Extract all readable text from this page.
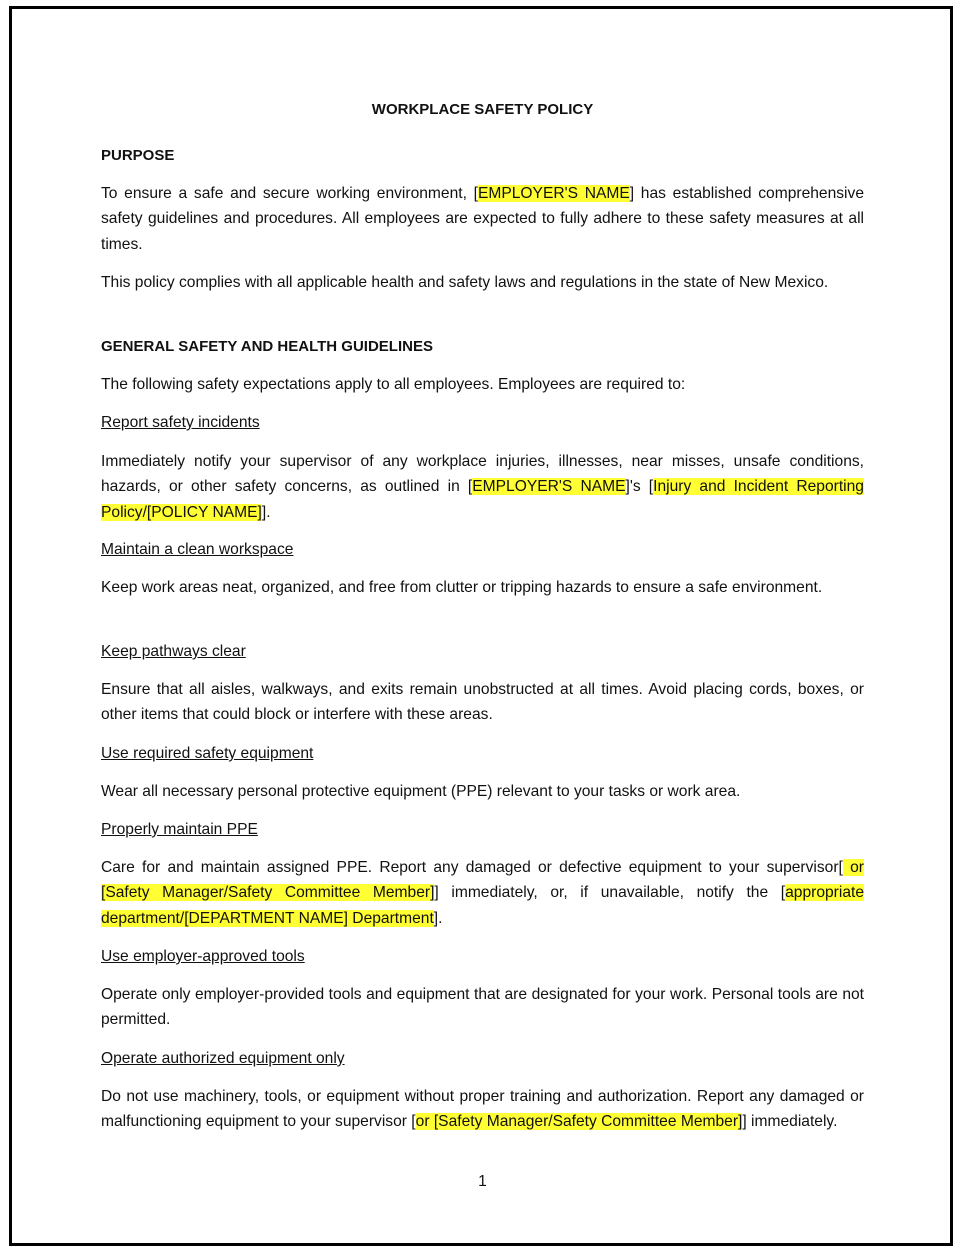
WORKPLACE SAFETY POLICY

PURPOSE

To ensure a safe and secure working environment, [EMPLOYER'S NAME] has established comprehensive safety guidelines and procedures. All employees are expected to fully adhere to these safety measures at all times.

This policy complies with all applicable health and safety laws and regulations in the state of New Mexico.

GENERAL SAFETY AND HEALTH GUIDELINES

The following safety expectations apply to all employees. Employees are required to:

Report safety incidents

Immediately notify your supervisor of any workplace injuries, illnesses, near misses, unsafe conditions, hazards, or other safety concerns, as outlined in [EMPLOYER'S NAME]'s [Injury and Incident Reporting Policy/[POLICY NAME]].

Maintain a clean workspace

Keep work areas neat, organized, and free from clutter or tripping hazards to ensure a safe environment.

Keep pathways clear

Ensure that all aisles, walkways, and exits remain unobstructed at all times. Avoid placing cords, boxes, or other items that could block or interfere with these areas.

Use required safety equipment

Wear all necessary personal protective equipment (PPE) relevant to your tasks or work area.

Properly maintain PPE

Care for and maintain assigned PPE. Report any damaged or defective equipment to your supervisor[ or [Safety Manager/Safety Committee Member]] immediately, or, if unavailable, notify the [appropriate department/[DEPARTMENT NAME] Department].

Use employer-approved tools

Operate only employer-provided tools and equipment that are designated for your work. Personal tools are not permitted.

Operate authorized equipment only

Do not use machinery, tools, or equipment without proper training and authorization. Report any damaged or malfunctioning equipment to your supervisor [or [Safety Manager/Safety Committee Member]] immediately.

1
